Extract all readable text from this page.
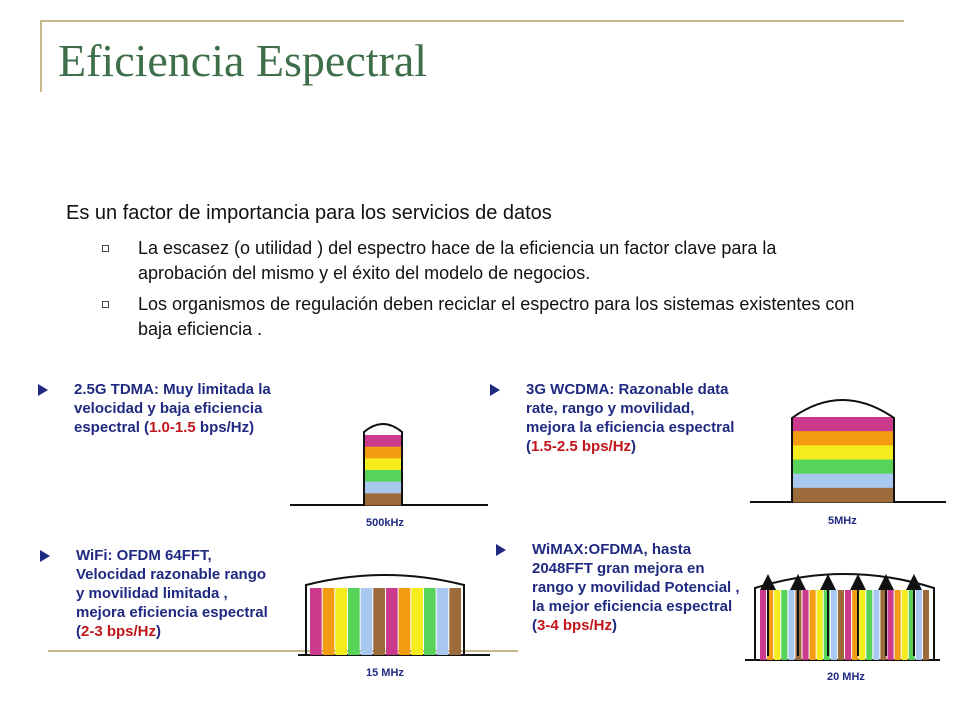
Eficiencia Espectral
Es un factor de importancia para los servicios de datos
La escasez (o utilidad ) del espectro hace de la eficiencia un factor clave para la aprobación del mismo y el éxito del modelo de negocios.
Los organismos de regulación deben reciclar el espectro para los sistemas existentes con baja eficiencia .
2.5G TDMA: Muy limitada la velocidad y baja eficiencia espectral (1.0-1.5 bps/Hz)
3G WCDMA: Razonable data rate, rango y movilidad, mejora la eficiencia espectral (1.5-2.5 bps/Hz)
WiFi: OFDM 64FFT, Velocidad razonable rango y movilidad limitada , mejora eficiencia espectral (2-3 bps/Hz)
WiMAX:OFDMA, hasta 2048FFT gran mejora en rango y movilidad Potencial , la mejor eficiencia espectral (3-4 bps/Hz)
500kHz	5MHz
15 MHz	20 MHz
